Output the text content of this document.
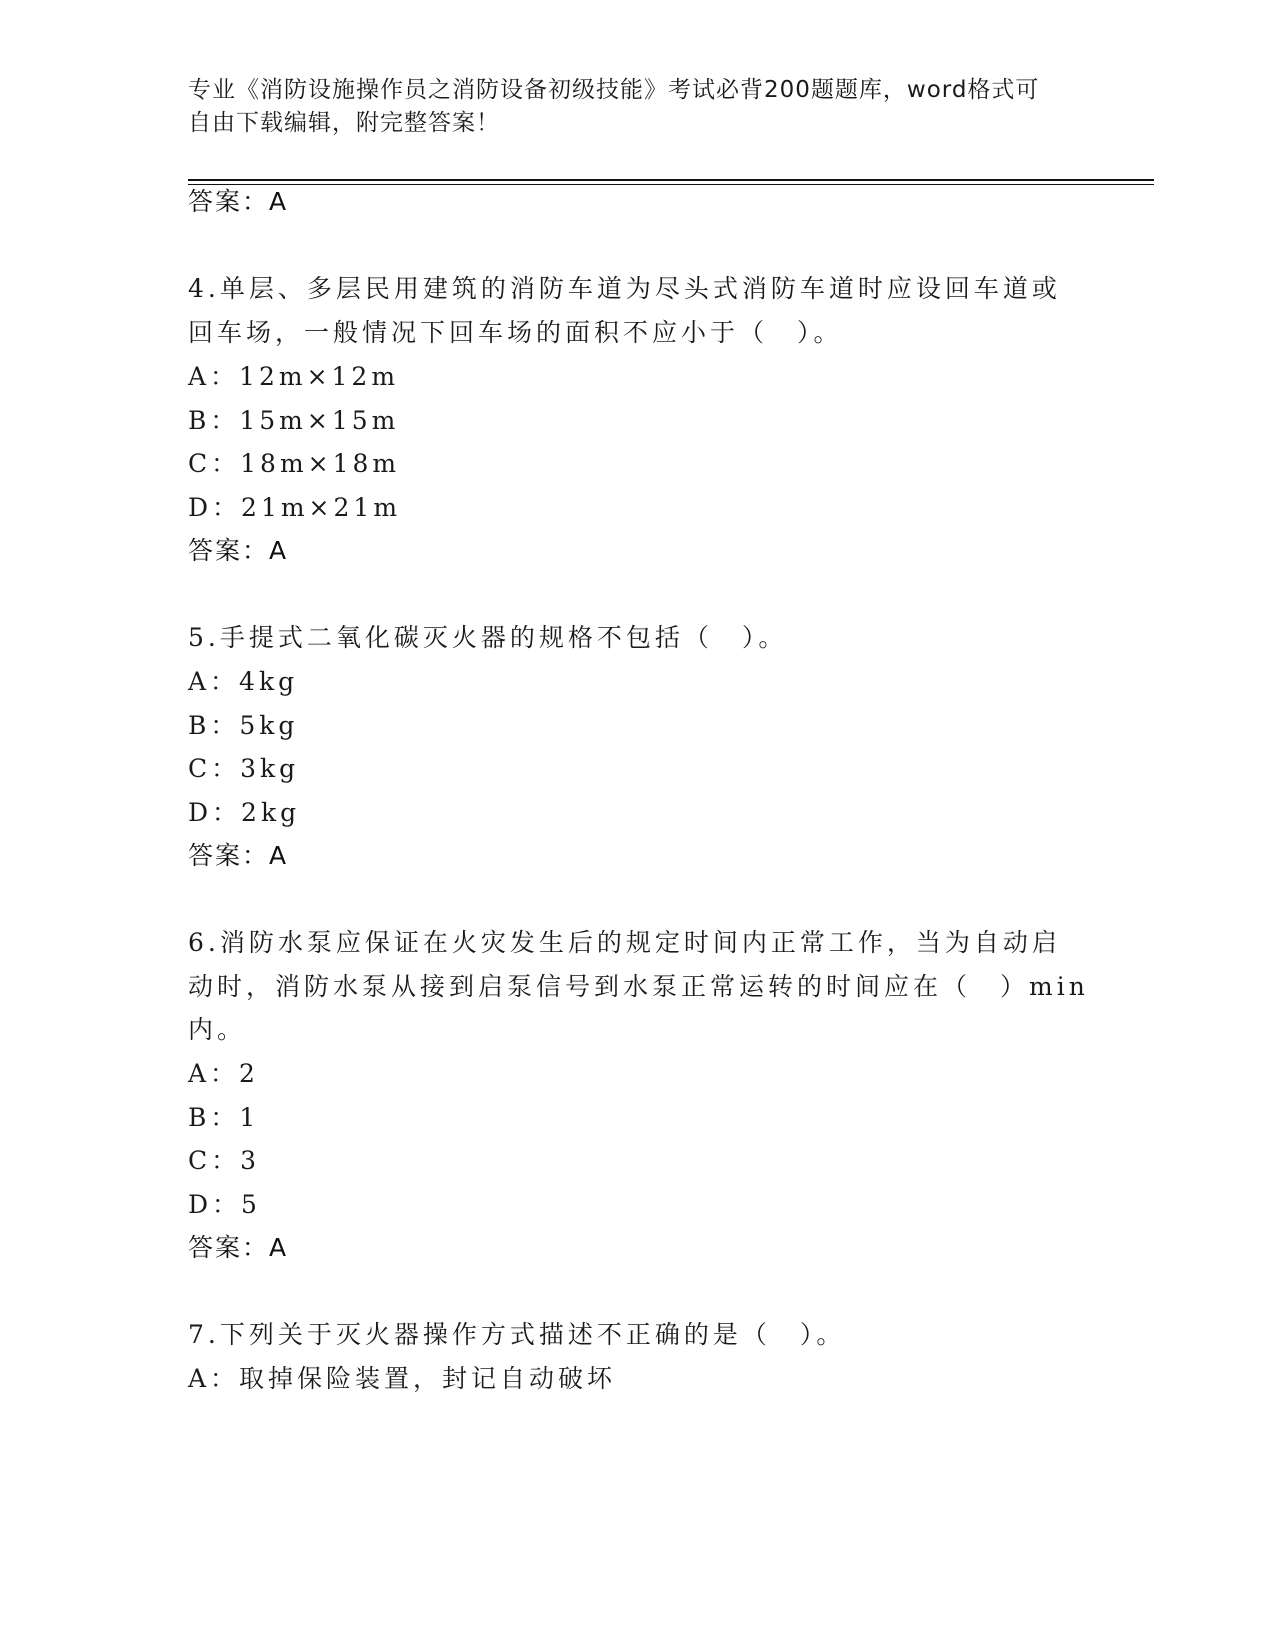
专业《消防设施操作员之消防设备初级技能》考试必背200题题库，word格式可
自由下载编辑，附完整答案！
答案：A
4.单层、多层民用建筑的消防车道为尽头式消防车道时应设回车道或
回车场，一般情况下回车场的面积不应小于（　）。
A：12m×12m
B：15m×15m
C：18m×18m
D：21m×21m
答案：A
5.手提式二氧化碳灭火器的规格不包括（　）。
A：4kg
B：5kg
C：3kg
D：2kg
答案：A
6.消防水泵应保证在火灾发生后的规定时间内正常工作，当为自动启
动时，消防水泵从接到启泵信号到水泵正常运转的时间应在（　）min
内。
A：2
B：1
C：3
D：5
答案：A
7.下列关于灭火器操作方式描述不正确的是（　）。
A：取掉保险装置，封记自动破坏
